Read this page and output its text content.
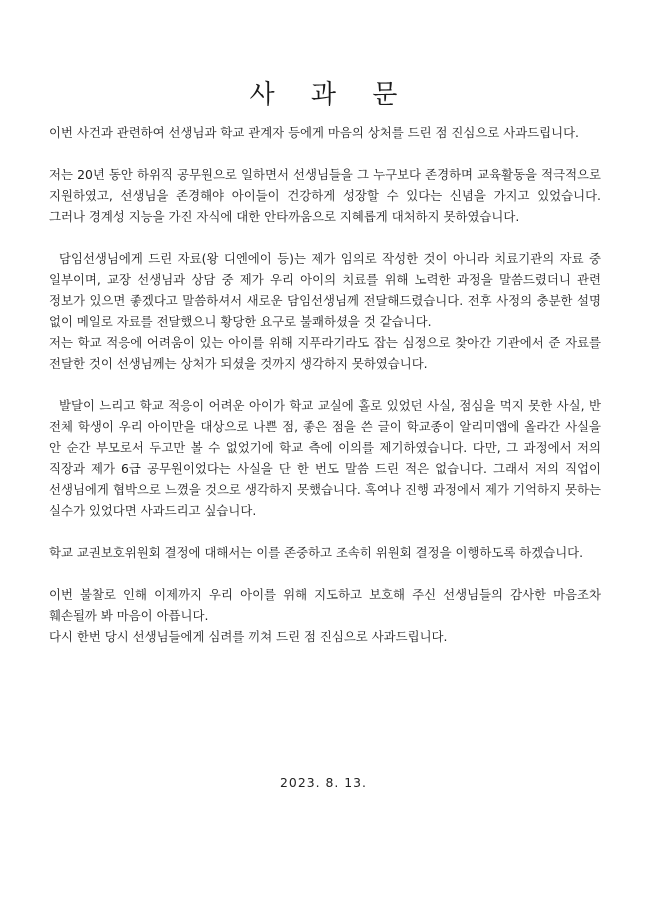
사 과 문

이번 사건과 관련하여 선생님과 학교 관계자 등에게 마음의 상처를 드린 점 진심으로 사과드립니다.

저는 20년 동안 하위직 공무원으로 일하면서 선생님들을 그 누구보다 존경하며 교육활동을 적극적으로 지원하였고, 선생님을 존경해야 아이들이 건강하게 성장할 수 있다는 신념을 가지고 있었습니다. 그러나 경계성 지능을 가진 자식에 대한 안타까움으로 지혜롭게 대처하지 못하였습니다.

담임선생님에게 드린 자료(왕 디엔에이 등)는 제가 임의로 작성한 것이 아니라 치료기관의 자료 중 일부이며, 교장 선생님과 상담 중 제가 우리 아이의 치료를 위해 노력한 과정을 말씀드렸더니 관련 정보가 있으면 좋겠다고 말씀하셔서 새로운 담임선생님께 전달해드렸습니다. 전후 사정의 충분한 설명 없이 메일로 자료를 전달했으니 황당한 요구로 불쾌하셨을 것 같습니다.

저는 학교 적응에 어려움이 있는 아이를 위해 지푸라기라도 잡는 심정으로 찾아간 기관에서 준 자료를 전달한 것이 선생님께는 상처가 되셨을 것까지 생각하지 못하였습니다.

발달이 느리고 학교 적응이 어려운 아이가 학교 교실에 홀로 있었던 사실, 점심을 먹지 못한 사실, 반 전체 학생이 우리 아이만을 대상으로 나쁜 점, 좋은 점을 쓴 글이 학교종이 알리미앱에 올라간 사실을 안 순간 부모로서 두고만 볼 수 없었기에 학교 측에 이의를 제기하였습니다. 다만, 그 과정에서 저의 직장과 제가 6급 공무원이었다는 사실을 단 한 번도 말씀 드린 적은 없습니다. 그래서 저의 직업이 선생님에게 협박으로 느꼈을 것으로 생각하지 못했습니다. 혹여나 진행 과정에서 제가 기억하지 못하는 실수가 있었다면 사과드리고 싶습니다.

학교 교권보호위원회 결정에 대해서는 이를 존중하고 조속히 위원회 결정을 이행하도록 하겠습니다.

이번 불찰로 인해 이제까지 우리 아이를 위해 지도하고 보호해 주신 선생님들의 감사한 마음조차 훼손될까 봐 마음이 아픕니다.

다시 한번 당시 선생님들에게 심려를 끼쳐 드린 점 진심으로 사과드립니다.

2023. 8. 13.
